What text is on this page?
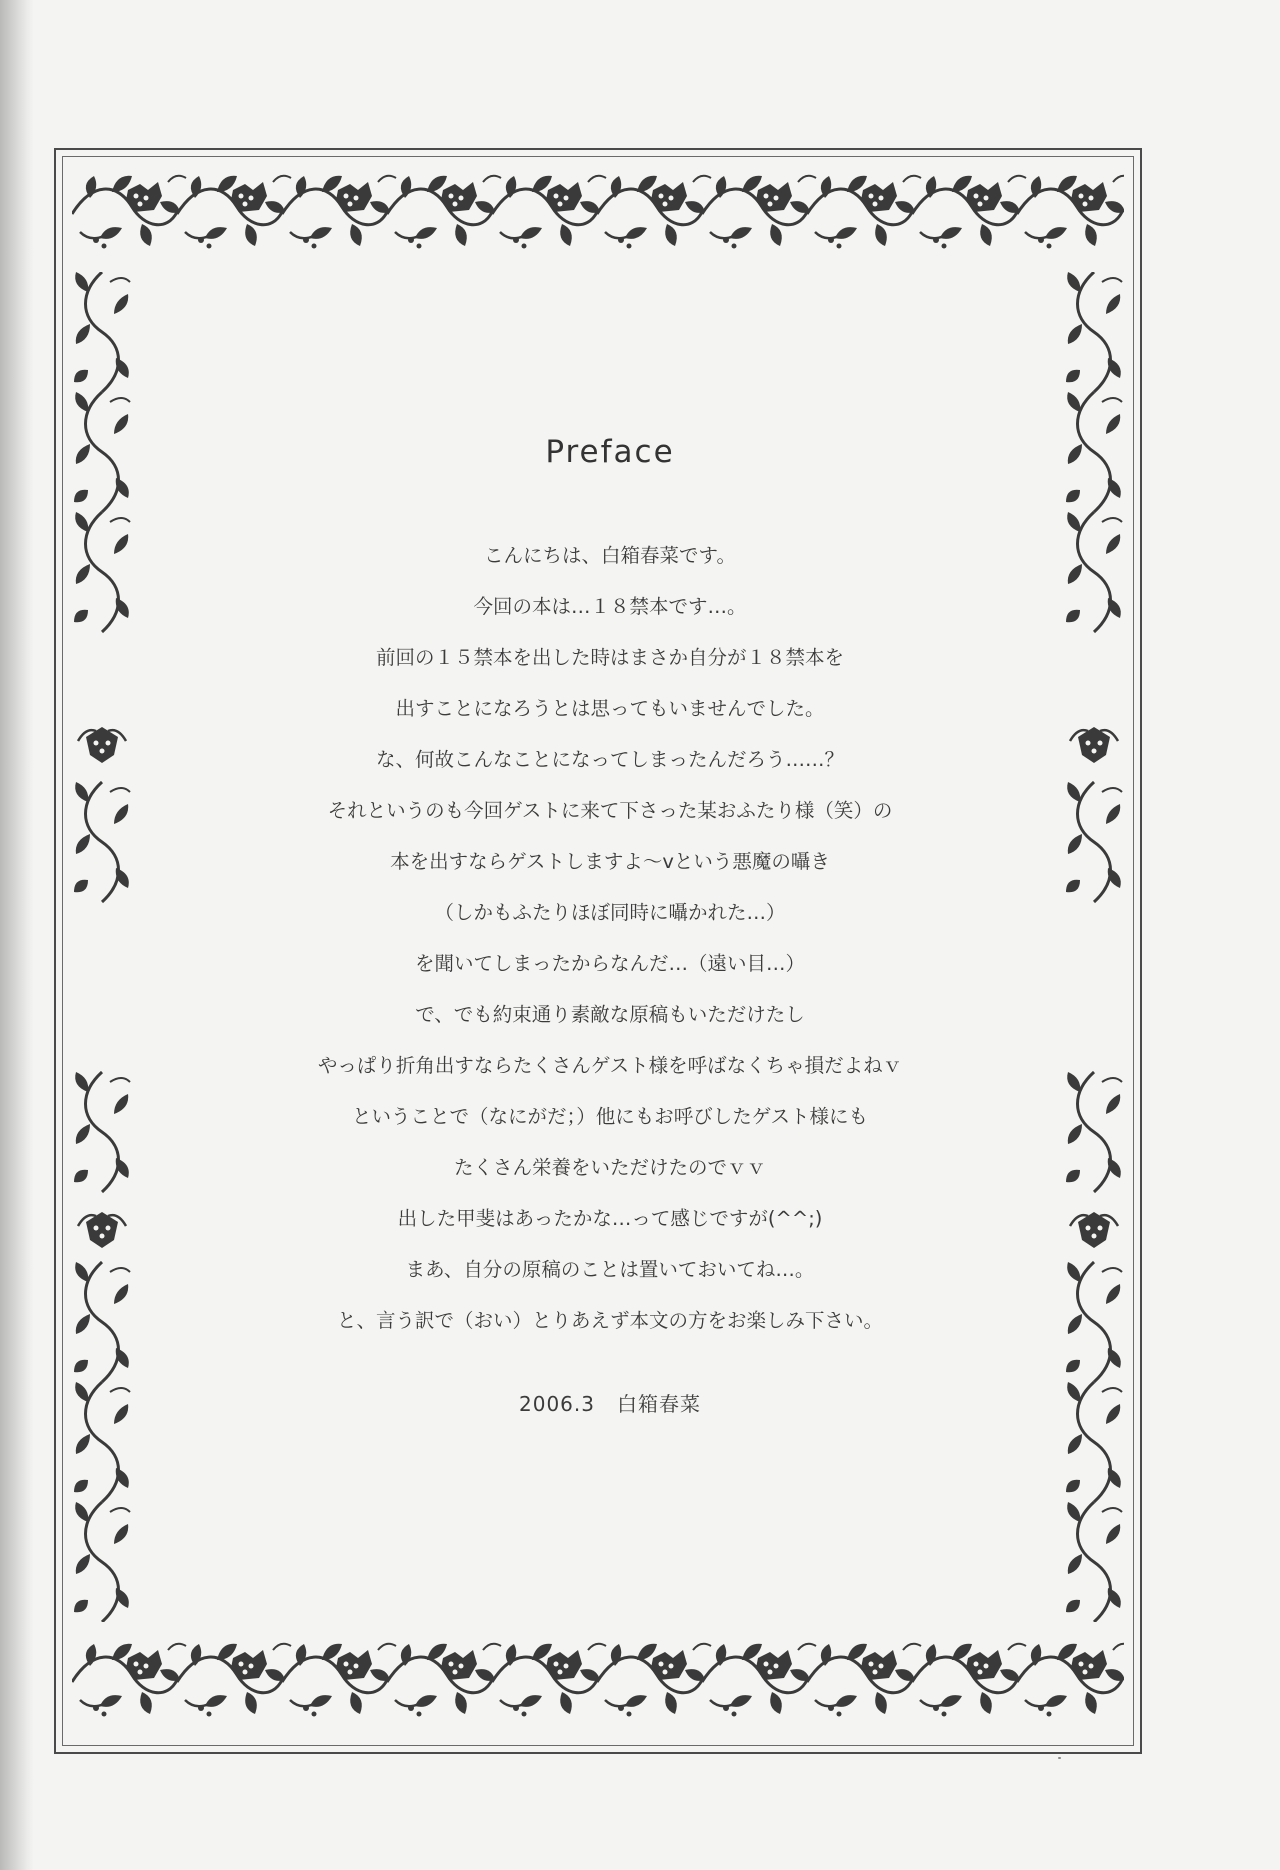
Preface
こんにちは、白箱春菜です。
今回の本は…１８禁本です…。
前回の１５禁本を出した時はまさか自分が１８禁本を
出すことになろうとは思ってもいませんでした。
な、何故こんなことになってしまったんだろう……？
それというのも今回ゲストに来て下さった某おふたり様（笑）の
本を出すならゲストしますよ～vという悪魔の囁き
（しかもふたりほぼ同時に囁かれた…）
を聞いてしまったからなんだ…（遠い目…）
で、でも約束通り素敵な原稿もいただけたし
やっぱり折角出すならたくさんゲスト様を呼ばなくちゃ損だよねｖ
ということで（なにがだ；）他にもお呼びしたゲスト様にも
たくさん栄養をいただけたのでｖｖ
出した甲斐はあったかな…って感じですが(^^;)
まあ、自分の原稿のことは置いておいてね…。
と、言う訳で（おい）とりあえず本文の方をお楽しみ下さい。
2006.3 白箱春菜
